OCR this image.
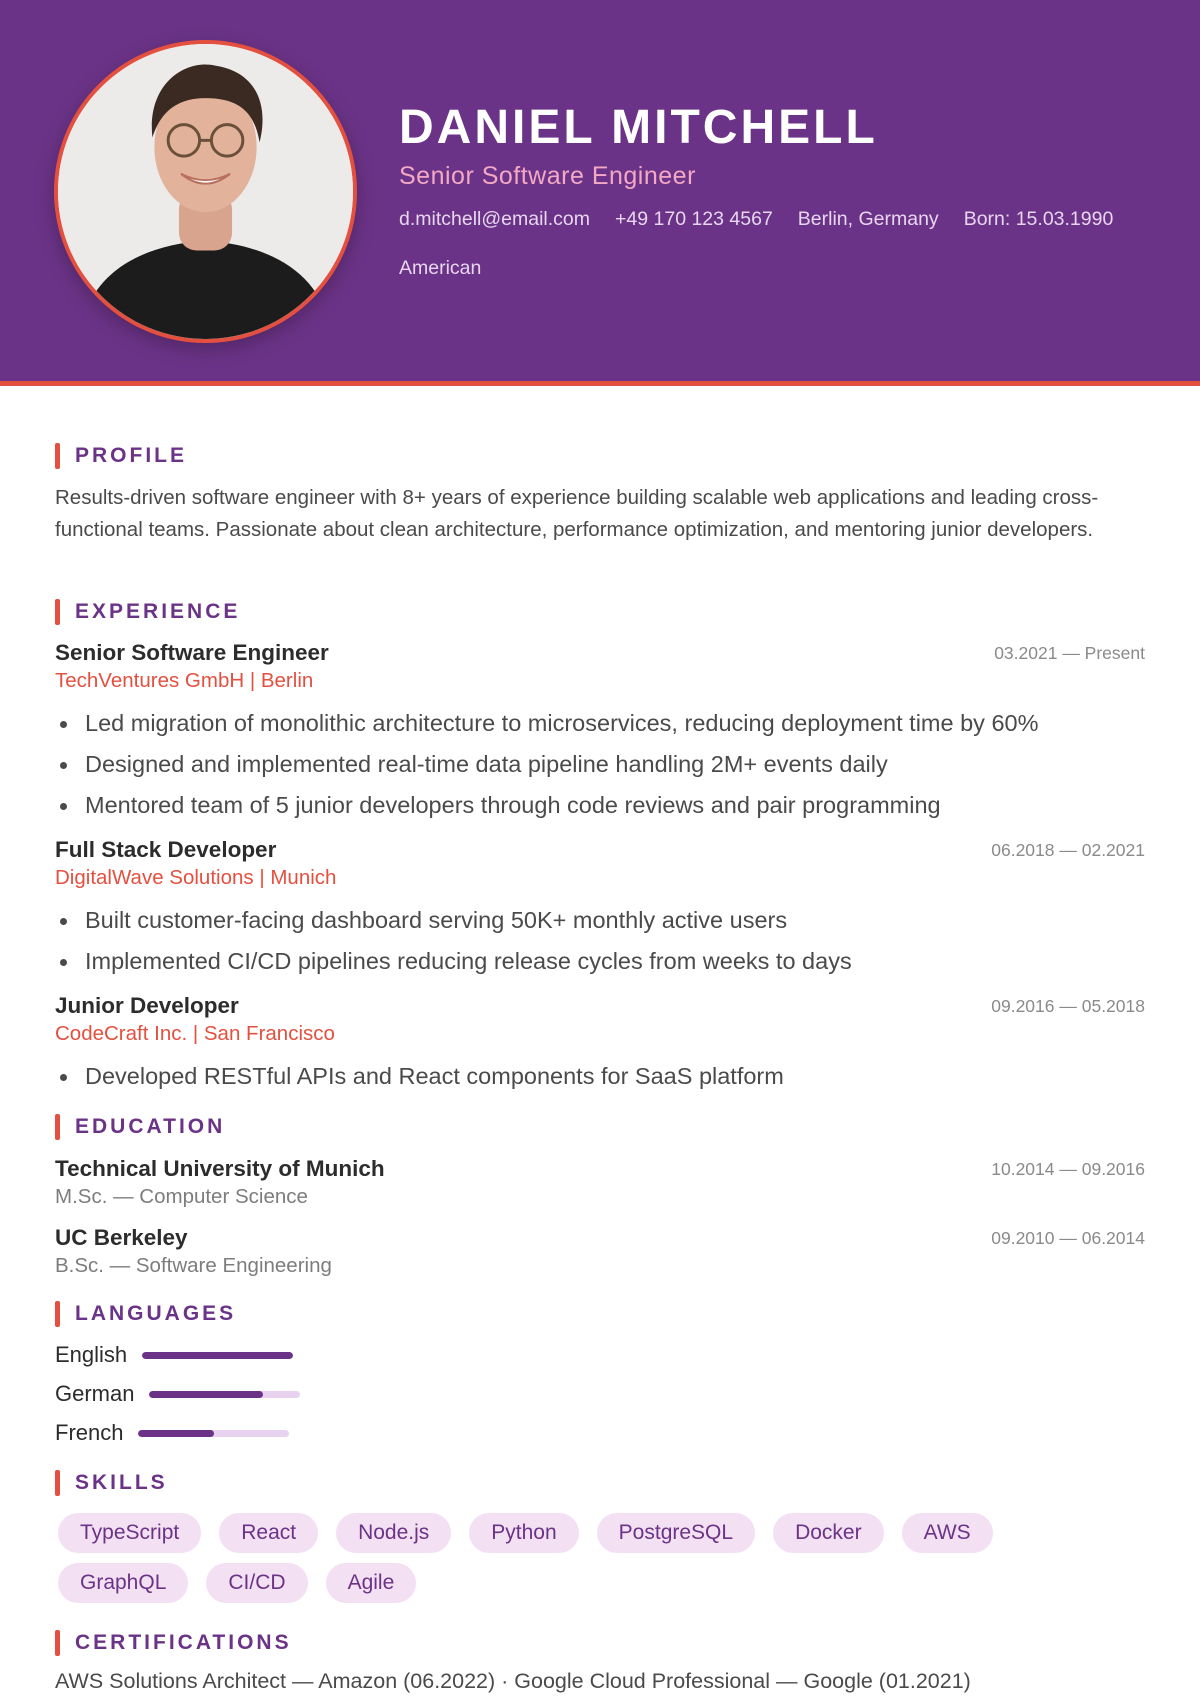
DANIEL MITCHELL
Senior Software Engineer
d.mitchell@email.com +49 170 123 4567 Berlin, Germany Born: 15.03.1990
American
PROFILE
Results-driven software engineer with 8+ years of experience building scalable web applications and leading cross-functional teams. Passionate about clean architecture, performance optimization, and mentoring junior developers.
EXPERIENCE
Senior Software Engineer	03.2021 — Present
TechVentures GmbH | Berlin
Led migration of monolithic architecture to microservices, reducing deployment time by 60%
Designed and implemented real-time data pipeline handling 2M+ events daily
Mentored team of 5 junior developers through code reviews and pair programming
Full Stack Developer	06.2018 — 02.2021
DigitalWave Solutions | Munich
Built customer-facing dashboard serving 50K+ monthly active users
Implemented CI/CD pipelines reducing release cycles from weeks to days
Junior Developer	09.2016 — 05.2018
CodeCraft Inc. | San Francisco
Developed RESTful APIs and React components for SaaS platform
EDUCATION
Technical University of Munich	10.2014 — 09.2016
M.Sc. — Computer Science
UC Berkeley	09.2010 — 06.2014
B.Sc. — Software Engineering
LANGUAGES
English
German
French
SKILLS
TypeScript	React	Node.js	Python	PostgreSQL	Docker	AWS
GraphQL	CI/CD	Agile
CERTIFICATIONS
AWS Solutions Architect — Amazon (06.2022) · Google Cloud Professional — Google (01.2021)
